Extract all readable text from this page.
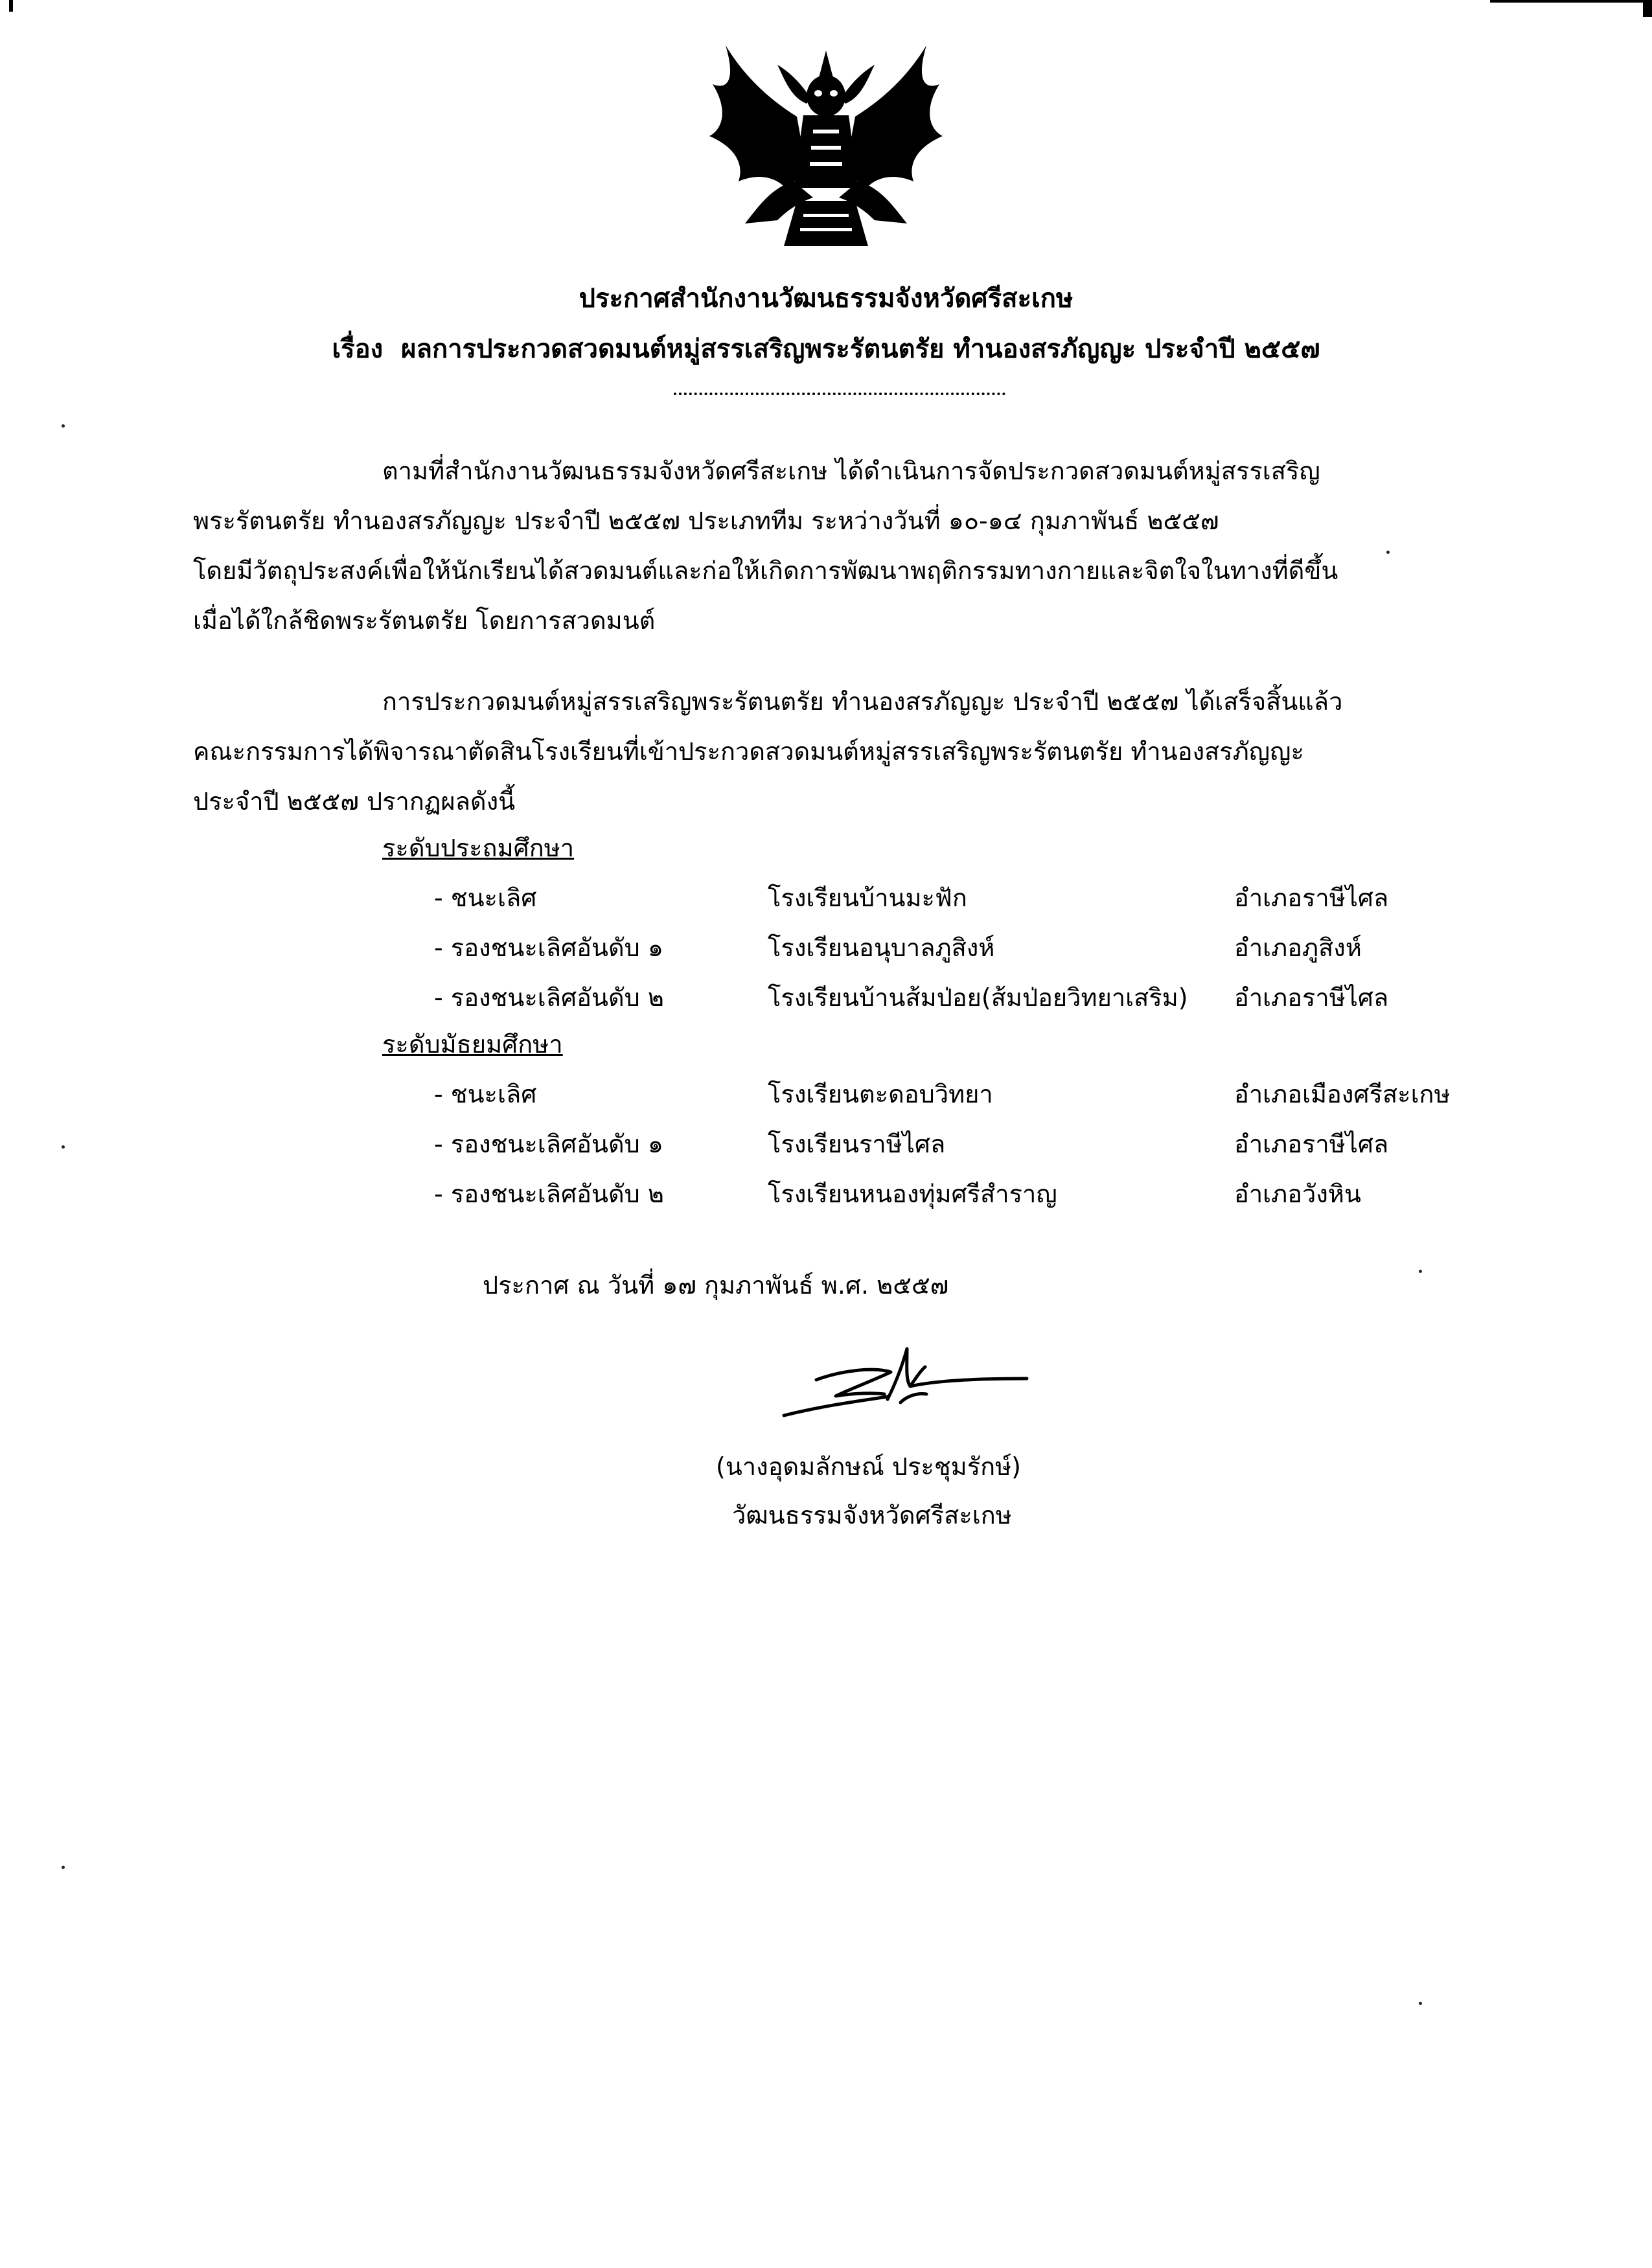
ประกาศสำนักงานวัฒนธรรมจังหวัดศรีสะเกษ
เรื่อง ผลการประกวดสวดมนต์หมู่สรรเสริญพระรัตนตรัย ทำนองสรภัญญะ ประจำปี ๒๕๕๗
ตามที่สำนักงานวัฒนธรรมจังหวัดศรีสะเกษ ได้ดำเนินการจัดประกวดสวดมนต์หมู่สรรเสริญ
พระรัตนตรัย ทำนองสรภัญญะ ประจำปี ๒๕๕๗ ประเภททีม ระหว่างวันที่ ๑๐-๑๔ กุมภาพันธ์ ๒๕๕๗
โดยมีวัตถุประสงค์เพื่อให้นักเรียนได้สวดมนต์และก่อให้เกิดการพัฒนาพฤติกรรมทางกายและจิตใจในทางที่ดีขึ้น
เมื่อได้ใกล้ชิดพระรัตนตรัย โดยการสวดมนต์
การประกวดมนต์หมู่สรรเสริญพระรัตนตรัย ทำนองสรภัญญะ ประจำปี ๒๕๕๗ ได้เสร็จสิ้นแล้ว
คณะกรรมการได้พิจารณาตัดสินโรงเรียนที่เข้าประกวดสวดมนต์หมู่สรรเสริญพระรัตนตรัย ทำนองสรภัญญะ
ประจำปี ๒๕๕๗ ปรากฏผลดังนี้
ระดับประถมศึกษา
- ชนะเลิศ	โรงเรียนบ้านมะฟัก	อำเภอราษีไศล
- รองชนะเลิศอันดับ ๑	โรงเรียนอนุบาลภูสิงห์	อำเภอภูสิงห์
- รองชนะเลิศอันดับ ๒	โรงเรียนบ้านส้มป่อย(ส้มป่อยวิทยาเสริม) อำเภอราษีไศล
ระดับมัธยมศึกษา
- ชนะเลิศ	โรงเรียนตะดอบวิทยา	อำเภอเมืองศรีสะเกษ
- รองชนะเลิศอันดับ ๑	โรงเรียนราษีไศล	อำเภอราษีไศล
- รองชนะเลิศอันดับ ๒	โรงเรียนหนองทุ่มศรีสำราญ	อำเภอวังหิน
ประกาศ ณ วันที่ ๑๗ กุมภาพันธ์ พ.ศ. ๒๕๕๗
(นางอุดมลักษณ์ ประชุมรักษ์)
วัฒนธรรมจังหวัดศรีสะเกษ
